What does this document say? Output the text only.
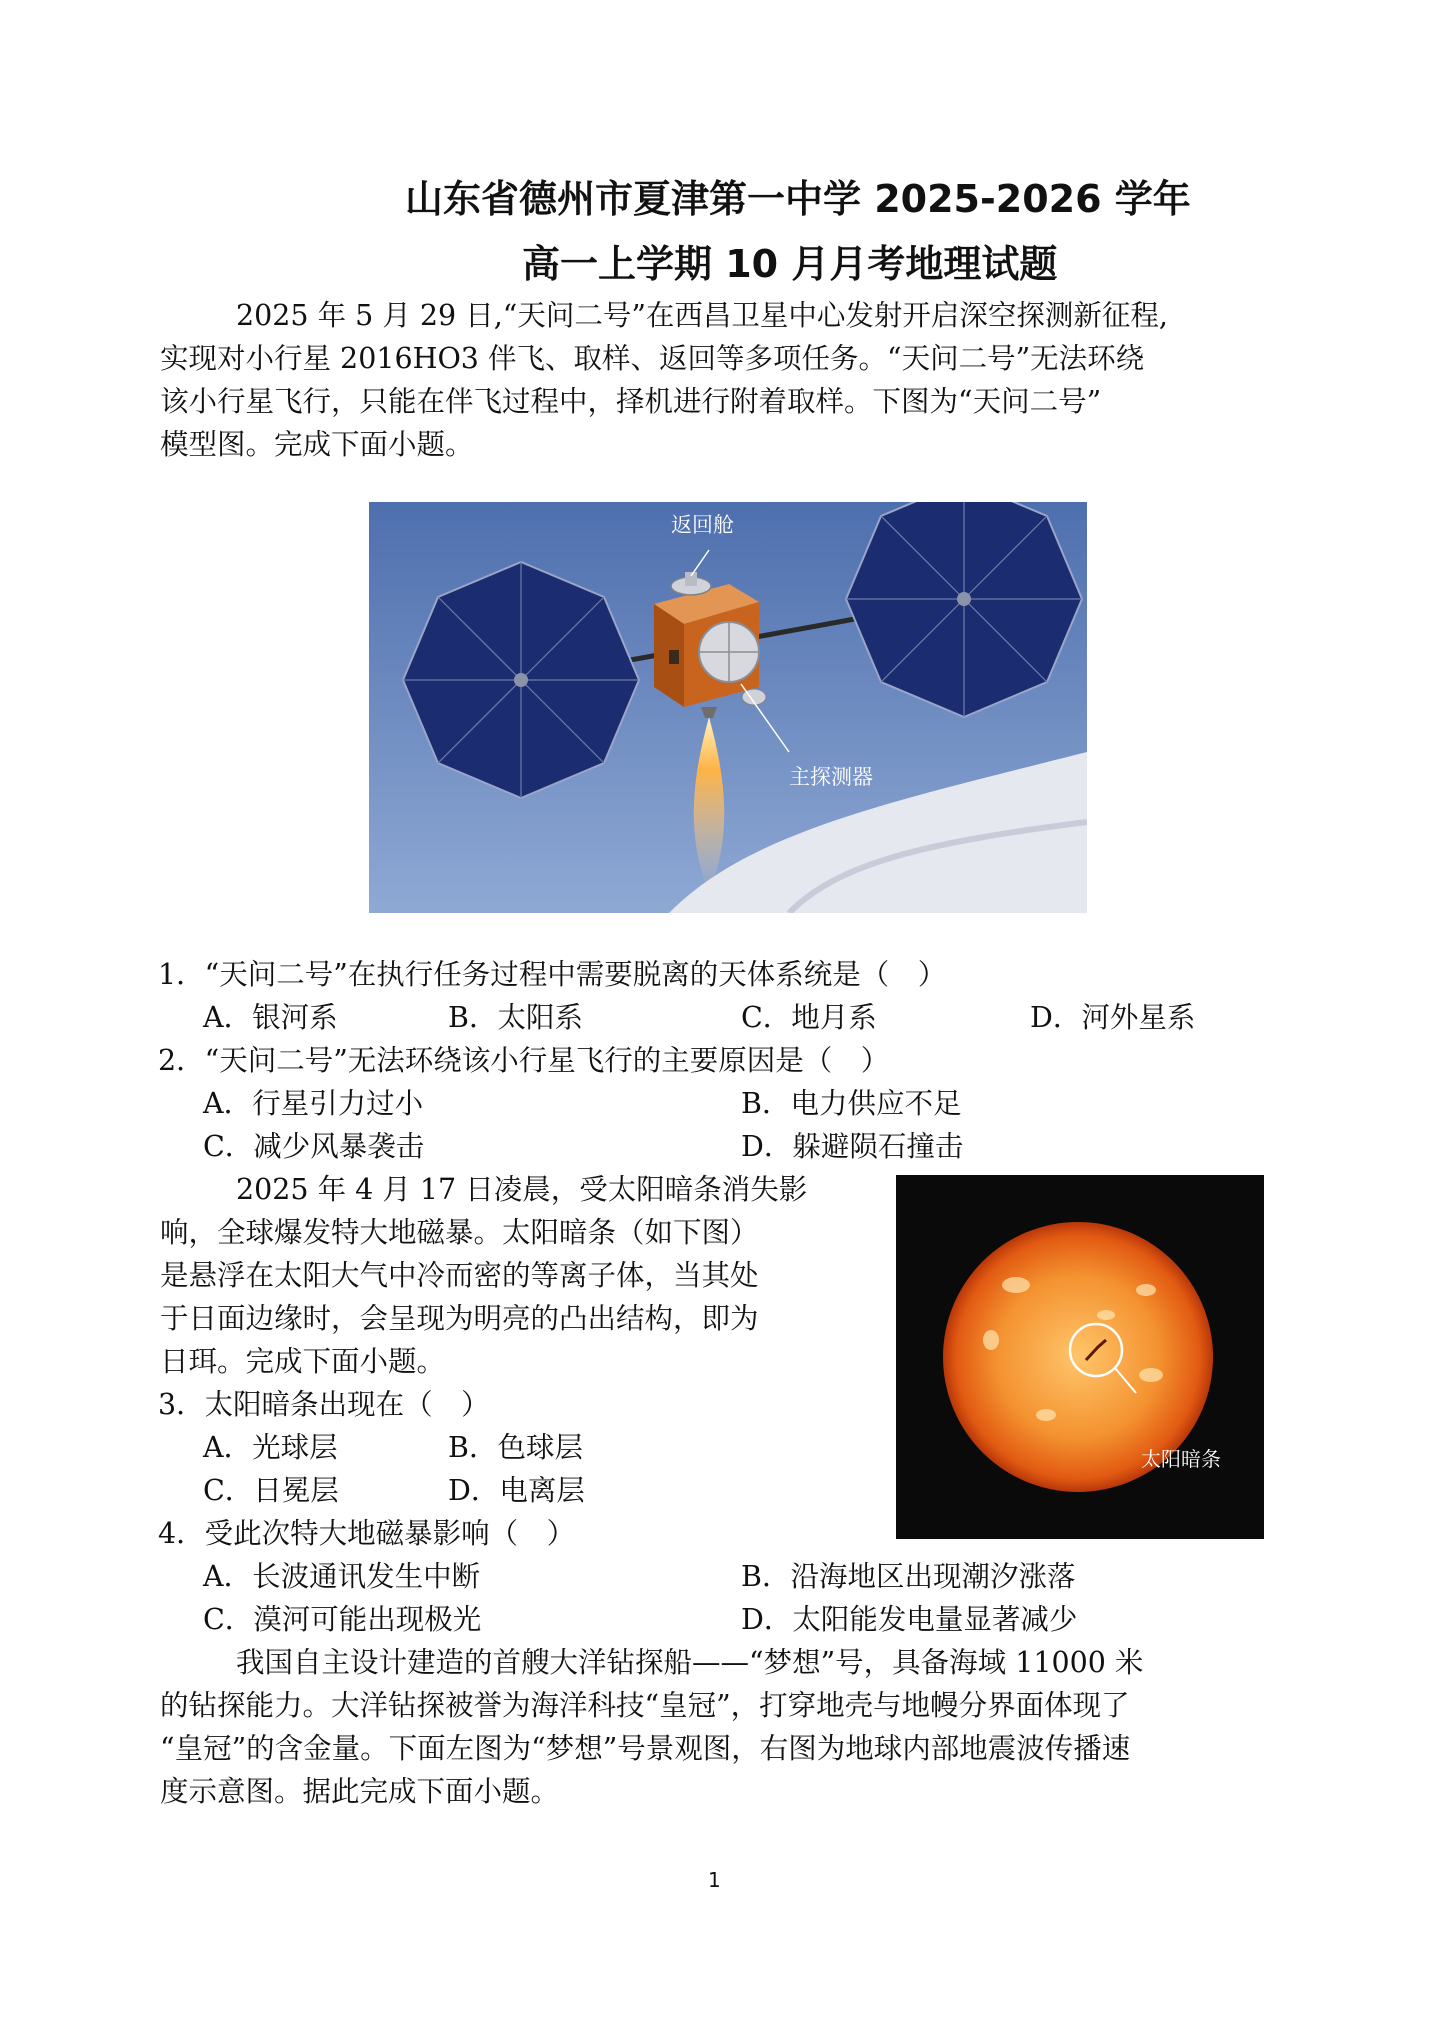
山东省德州市夏津第一中学 2025-2026 学年
高一上学期 10 月月考地理试题

2025 年 5 月 29 日,“天问二号”在西昌卫星中心发射开启深空探测新征程,

实现对小行星 2016HO3 伴飞、取样、返回等多项任务。“天问二号”无法环绕

该小行星飞行，只能在伴飞过程中，择机进行附着取样。下图为“天问二号”

模型图。完成下面小题。

返回舱
主探测器
1．“天问二号”在执行任务过程中需要脱离的天体系统是（　）
A．银河系	B．太阳系	C．地月系	D．河外星系
2．“天问二号”无法环绕该小行星飞行的主要原因是（　）
A．行星引力过小	B．电力供应不足
C．减少风暴袭击	D．躲避陨石撞击

2025 年 4 月 17 日凌晨，受太阳暗条消失影

响，全球爆发特大地磁暴。太阳暗条（如下图）

是悬浮在太阳大气中冷而密的等离子体，当其处

于日面边缘时，会呈现为明亮的凸出结构，即为

日珥。完成下面小题。

太阳暗条
3．太阳暗条出现在（　）
A．光球层	B．色球层
C．日冕层	D．电离层
4．受此次特大地磁暴影响（　）
A．长波通讯发生中断	B．沿海地区出现潮汐涨落
C．漠河可能出现极光	D．太阳能发电量显著减少

我国自主设计建造的首艘大洋钻探船——“梦想”号，具备海域 11000 米

的钻探能力。大洋钻探被誉为海洋科技“皇冠”，打穿地壳与地幔分界面体现了

“皇冠”的含金量。下面左图为“梦想”号景观图，右图为地球内部地震波传播速

度示意图。据此完成下面小题。

1
